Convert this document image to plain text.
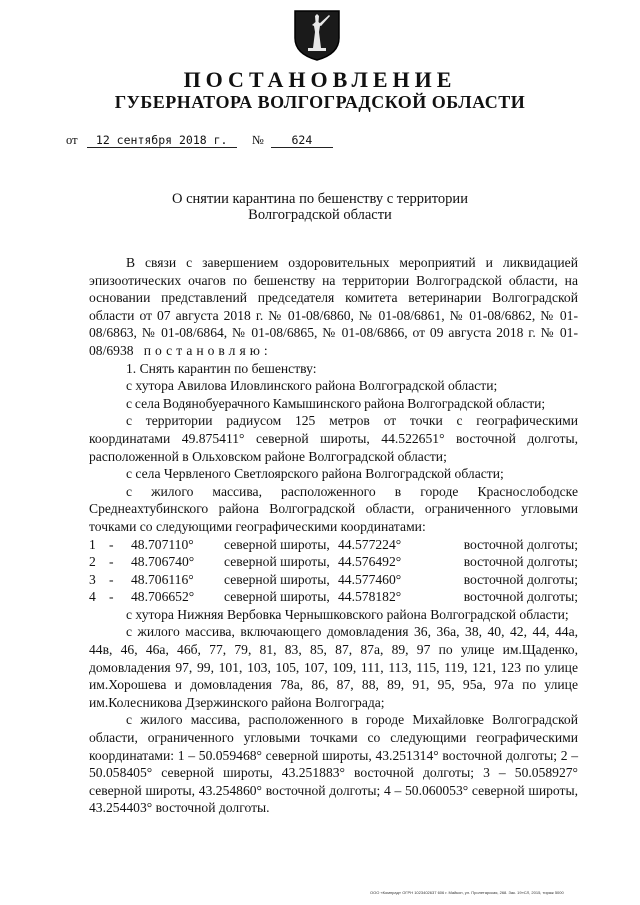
ПОСТАНОВЛЕНИЕ
ГУБЕРНАТОРА ВОЛГОГРАДСКОЙ ОБЛАСТИ
от 12 сентября 2018 г. № 624
О снятии карантина по бешенству с территории
Волгоградской области

В связи с завершением оздоровительных мероприятий и ликвидацией эпизоотических очагов по бешенству на территории Волгоградской области, на основании представлений председателя комитета ветеринарии Волгоградской области от 07 августа 2018 г. № 01-08/6860, № 01-08/6861, № 01-08/6862, № 01-08/6863, № 01-08/6864, № 01-08/6865, № 01-08/6866, от 09 августа 2018 г. № 01-08/6938 постановляю:

1. Снять карантин по бешенству:

с хутора Авилова Иловлинского района Волгоградской области;

с села Водянобуерачного Камышинского района Волгоградской области;

с территории радиусом 125 метров от точки с географическими координатами 49.875411° северной широты, 44.522651° восточной долготы, расположенной в Ольховском районе Волгоградской области;

с села Червленого Светлоярского района Волгоградской области;

с жилого массива, расположенного в городе Краснослободске Среднеахтубинского района Волгоградской области, ограниченного угловыми точками со следующими географическими координатами:

1 -	48.707110°	северной широты, 44.577224°	восточной долготы;
2 -	48.706740°	северной широты, 44.576492°	восточной долготы;
3 -	48.706116°	северной широты, 44.577460°	восточной долготы;
4 -	48.706652°	северной широты, 44.578182°	восточной долготы;

с хутора Нижняя Вербовка Чернышковского района Волгоградской области;

с жилого массива, включающего домовладения 36, 36а, 38, 40, 42, 44, 44а, 44в, 46, 46а, 46б, 77, 79, 81, 83, 85, 87, 87а, 89, 97 по улице им.Щаденко, домовладения 97, 99, 101, 103, 105, 107, 109, 111, 113, 115, 119, 121, 123 по улице им.Хорошева и домовладения 78а, 86, 87, 88, 89, 91, 95, 95а, 97а по улице им.Колесникова Дзержинского района Волгограда;

с жилого массива, расположенного в городе Михайловке Волгоградской области, ограниченного угловыми точками со следующими географическими координатами: 1 – 50.059468° северной широты, 43.251314° восточной долготы; 2 – 50.058405° северной широты, 43.251883° восточной долготы; 3 – 50.058927° северной широты, 43.254860° восточной долготы; 4 – 50.060053° северной широты, 43.254403° восточной долготы.

ООО «Компрад» ОГРН 1023402637 606 г. Майкоп, ул. Пролетарская, 268. Зак. 19»СЛ, 2015, тираж 5000
